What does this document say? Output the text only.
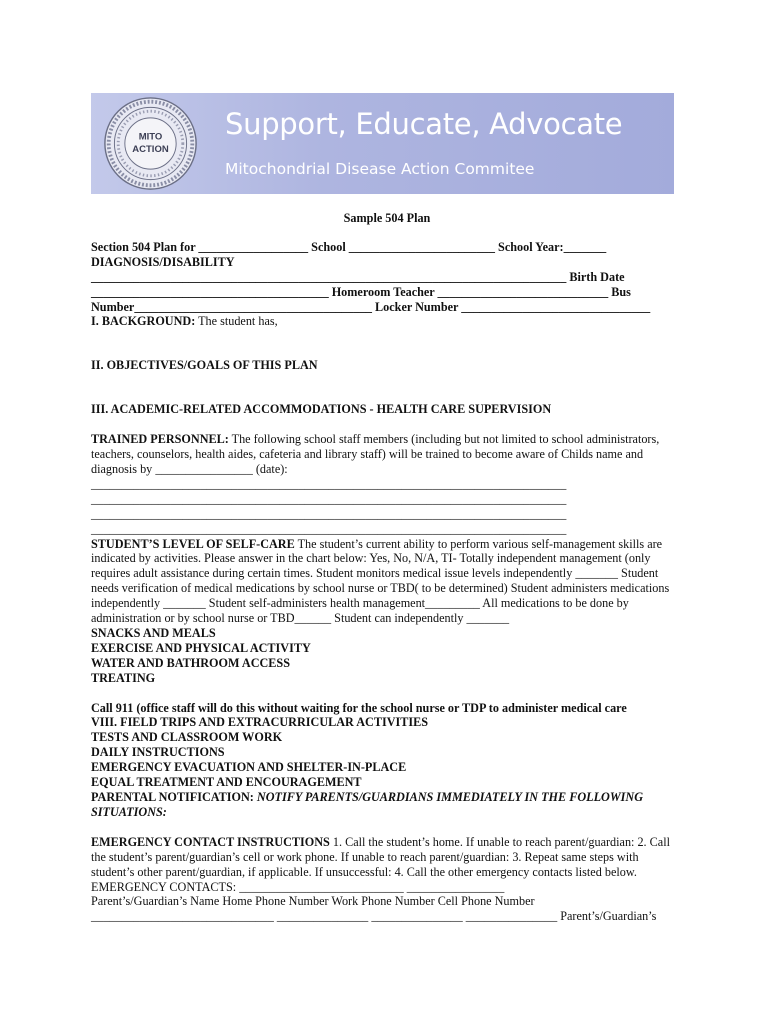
MITO
ACTION
Support, Educate, Advocate
Mitochondrial Disease Action Commitee
Sample 504 Plan
Section 504 Plan for __________________ School ________________________ School Year:_______
DIAGNOSIS/DISABILITY
______________________________________________________________________________ Birth Date
_______________________________________ Homeroom Teacher ____________________________ Bus
Number_______________________________________ Locker Number _______________________________
I. BACKGROUND: The student has,
II. OBJECTIVES/GOALS OF THIS PLAN
III. ACADEMIC-RELATED ACCOMMODATIONS - HEALTH CARE SUPERVISION
TRAINED PERSONNEL: The following school staff members (including but not limited to school administrators, teachers, counselors, health aides, cafeteria and library staff) will be trained to become aware of Childs name and diagnosis by ________________ (date):
______________________________________________________________________________
______________________________________________________________________________
______________________________________________________________________________
______________________________________________________________________________
STUDENT’S LEVEL OF SELF-CARE The student’s current ability to perform various self-management skills are indicated by activities. Please answer in the chart below: Yes, No, N/A, TI- Totally independent management (only requires adult assistance during certain times. Student monitors medical issue levels independently _______ Student needs verification of medical medications by school nurse or TBD( to be determined) Student administers medications independently _______ Student self-administers health management_________ All medications to be done by administration or by school nurse or TBD______ Student can independently _______
SNACKS AND MEALS
EXERCISE AND PHYSICAL ACTIVITY
WATER AND BATHROOM ACCESS
TREATING
Call 911 (office staff will do this without waiting for the school nurse or TDP to administer medical care
VIII. FIELD TRIPS AND EXTRACURRICULAR ACTIVITIES
TESTS AND CLASSROOM WORK
DAILY INSTRUCTIONS
EMERGENCY EVACUATION AND SHELTER-IN-PLACE
EQUAL TREATMENT AND ENCOURAGEMENT
PARENTAL NOTIFICATION: NOTIFY PARENTS/GUARDIANS IMMEDIATELY IN THE FOLLOWING SITUATIONS:
EMERGENCY CONTACT INSTRUCTIONS 1. Call the student’s home. If unable to reach parent/guardian: 2. Call the student’s parent/guardian’s cell or work phone. If unable to reach parent/guardian: 3. Repeat same steps with student’s other parent/guardian, if applicable. If unsuccessful: 4. Call the other emergency contacts listed below. EMERGENCY CONTACTS: ___________________________ ________________
Parent’s/Guardian’s Name Home Phone Number Work Phone Number Cell Phone Number
______________________________ _______________ _______________ _______________ Parent’s/Guardian’s
